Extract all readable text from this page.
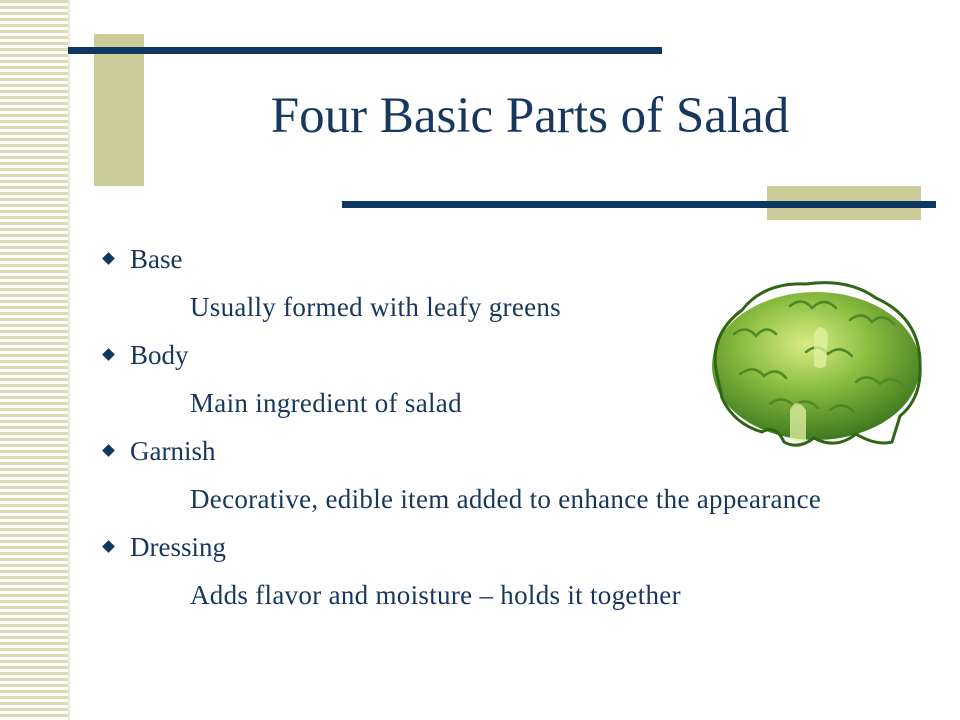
Four Basic Parts of Salad
Base
Usually formed with leafy greens
Body
Main ingredient of salad
Garnish
Decorative, edible item added to enhance the appearance
Dressing
Adds flavor and moisture – holds it together
